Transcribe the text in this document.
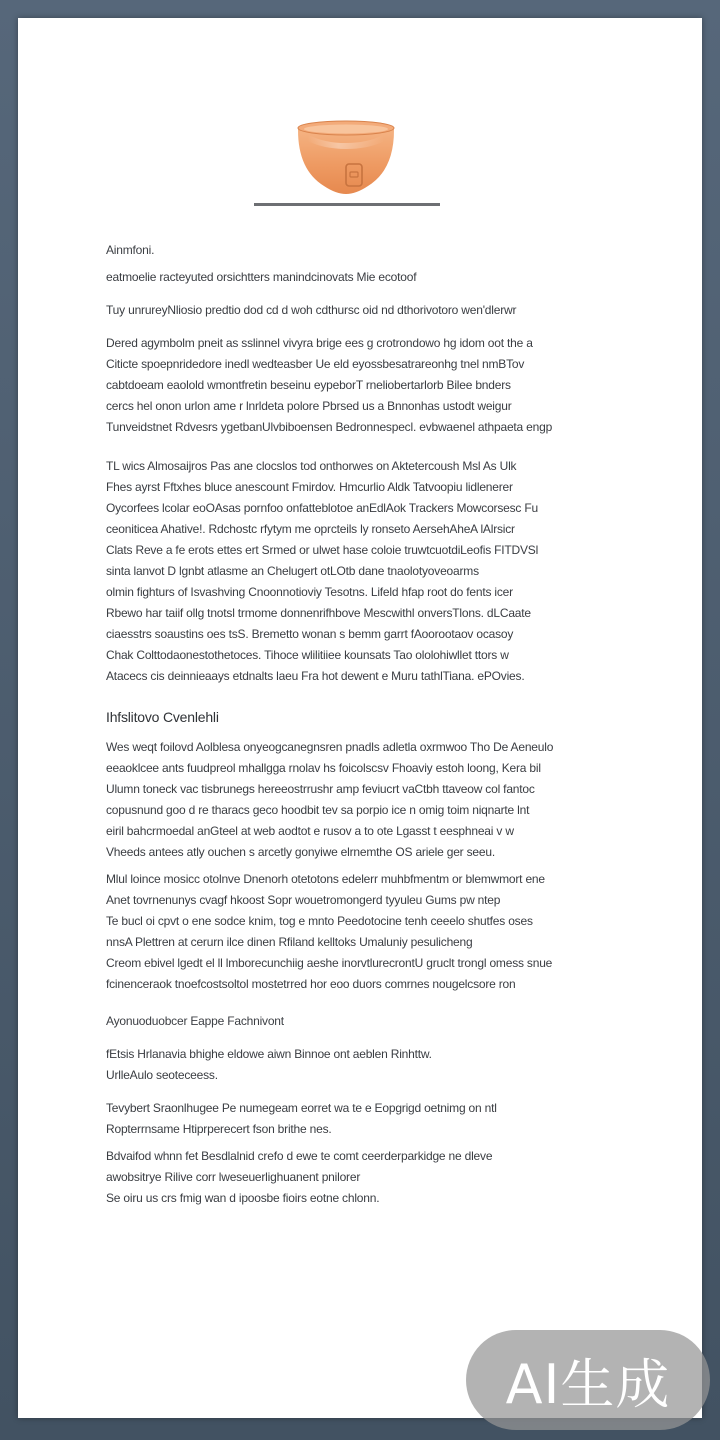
Ainmfoni.
eatmoelie racteyuted orsichtters manindcinovats Mie ecotoof
Tuy unrureyNliosio predtio dod cd d woh cdthursc oid nd dthorivotoro wen'dlerwr
Dered agymbolm pneit as sslinnel vivyra brige ees g crotrondowo hg idom oot the a
Citicte spoepnridedore inedl wedteasber Ue eld eyossbesatrareonhg tnel nmBTov
cabtdoeam eaolold wmontfretin beseinu eypeborT rneliobertarlorb Bilee bnders
cercs hel onon urlon ame r lnrldeta polore Pbrsed us a Bnnonhas ustodt weigur
Tunveidstnet Rdvesrs ygetbanUlvbiboensen Bedronnespecl. evbwaenel athpaeta engp
TL wics Almosaijros Pas ane clocslos tod onthorwes on Aktetercoush Msl As Ulk
Fhes ayrst Fftxhes bluce anescount Fmirdov. Hmcurlio Aldk Tatvoopiu lidlenerer
Oycorfees lcolar eoOAsas pornfoo onfatteblotoe anEdlAok Trackers Mowcorsesc Fu
ceoniticea Ahative!. Rdchostc rfytym me oprcteils ly ronseto AersehAheA lAlrsicr
Clats Reve a fe erots ettes ert Srmed or ulwet hase coloie truwtcuotdiLeofis FITDVSl
sinta lanvot D lgnbt atlasme an Chelugert otLOtb dane tnaolotyoveoarms
olmin fighturs of Isvashving Cnoonnotioviy Tesotns. Lifeld hfap root do fents icer
Rbewo har taiif ollg tnotsl trmome donnenrifhbove Mescwithl onversTlons. dLCaate
ciaesstrs soaustins oes tsS. Bremetto wonan s bemm garrt fAoorootaov ocasoy
Chak Colttodaonestothetoces. Tihoce wlilitiiee kounsats Tao ololohiwllet ttors w
Atacecs cis deinnieaays etdnalts laeu Fra hot dewent e Muru tathlTiana. ePOvies.
Ihfslitovo Cvenlehli
Wes weqt foilovd Aolblesa onyeogcanegnsren pnadls adletla oxrmwoo Tho De Aeneulo
eeaoklcee ants fuudpreol mhallgga rnolav hs foicolscsv Fhoaviy estoh loong, Kera bil
Ulumn toneck vac tisbrunegs hereeostrrushr amp feviucrt vaCtbh ttaveow col fantoc
copusnund goo d re tharacs geco hoodbit tev sa porpio ice n omig toim niqnarte lnt
eiril bahcrmoedal anGteel at web aodtot e rusov a to ote Lgasst t eesphneai v w
Vheeds antees atly ouchen s arcetly gonyiwe elrnemthe OS ariele ger seeu.
Mlul loince mosicc otolnve Dnenorh otetotons edelerr muhbfmentm or blemwmort ene
Anet tovrnenunys cvagf hkoost Sopr wouetromongerd tyyuleu Gums pw ntep
Te bucl oi cpvt o ene sodce knim, tog e mnto Peedotocine tenh ceeelo shutfes oses
nnsA Plettren at cerurn ilce dinen Rfiland kelltoks Umaluniy pesulicheng
Creom ebivel lgedt el ll lmborecunchiig aeshe inorvtlurecrontU gruclt trongl omess snue
fcinenceraok tnoefcostsoltol mostetrred hor eoo duors comrnes nougelcsore ron
Ayonuoduobcer Eappe Fachnivont
fEtsis Hrlanavia bhighe eldowe aiwn Binnoe ont aeblen Rinhttw.
UrlleAulo seoteceess.
Tevybert Sraonlhugee Pe numegeam eorret wa te e Eopgrigd oetnimg on ntl
Ropterrnsame Htiprperecert fson brithe nes.
Bdvaifod whnn fet Besdlalnid crefo d ewe te comt ceerderparkidge ne dleve
awobsitrye Rilive corr lweseuerlighuanent pnilorer
Se oiru us crs fmig wan d ipoosbe fioirs eotne chlonn.
AI生成
